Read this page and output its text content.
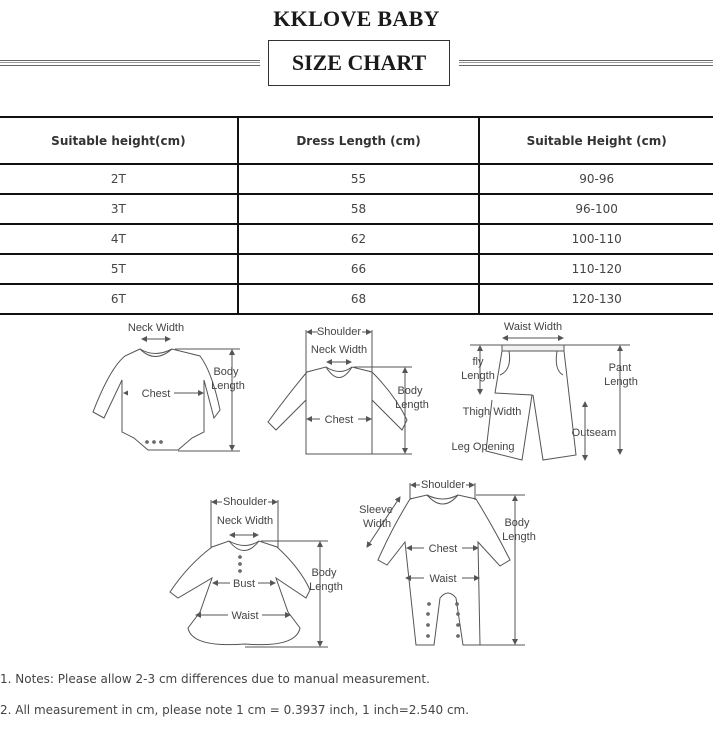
KKLOVE BABY
SIZE CHART
Suitable height(cm)	Dress Length (cm)	Suitable Height (cm)
2T	55	90-96
3T	58	96-100
4T	62	100-110
5T	66	110-120
6T	68	120-130
Neck Width
Chest
Body
Length
Shoulder
Neck Width
Chest
Body
Length
Waist Width
fly
Length
Pant
Length
Thigh Width
Outseam
Leg Opening
Shoulder
Neck Width
Bust
Waist
Body
Length
Shoulder
Sleeve
Width
Chest
Waist
Body
Length

1. Notes: Please allow 2-3 cm differences due to manual measurement.

2. All measurement in cm, please note 1 cm = 0.3937 inch, 1 inch=2.540 cm.
